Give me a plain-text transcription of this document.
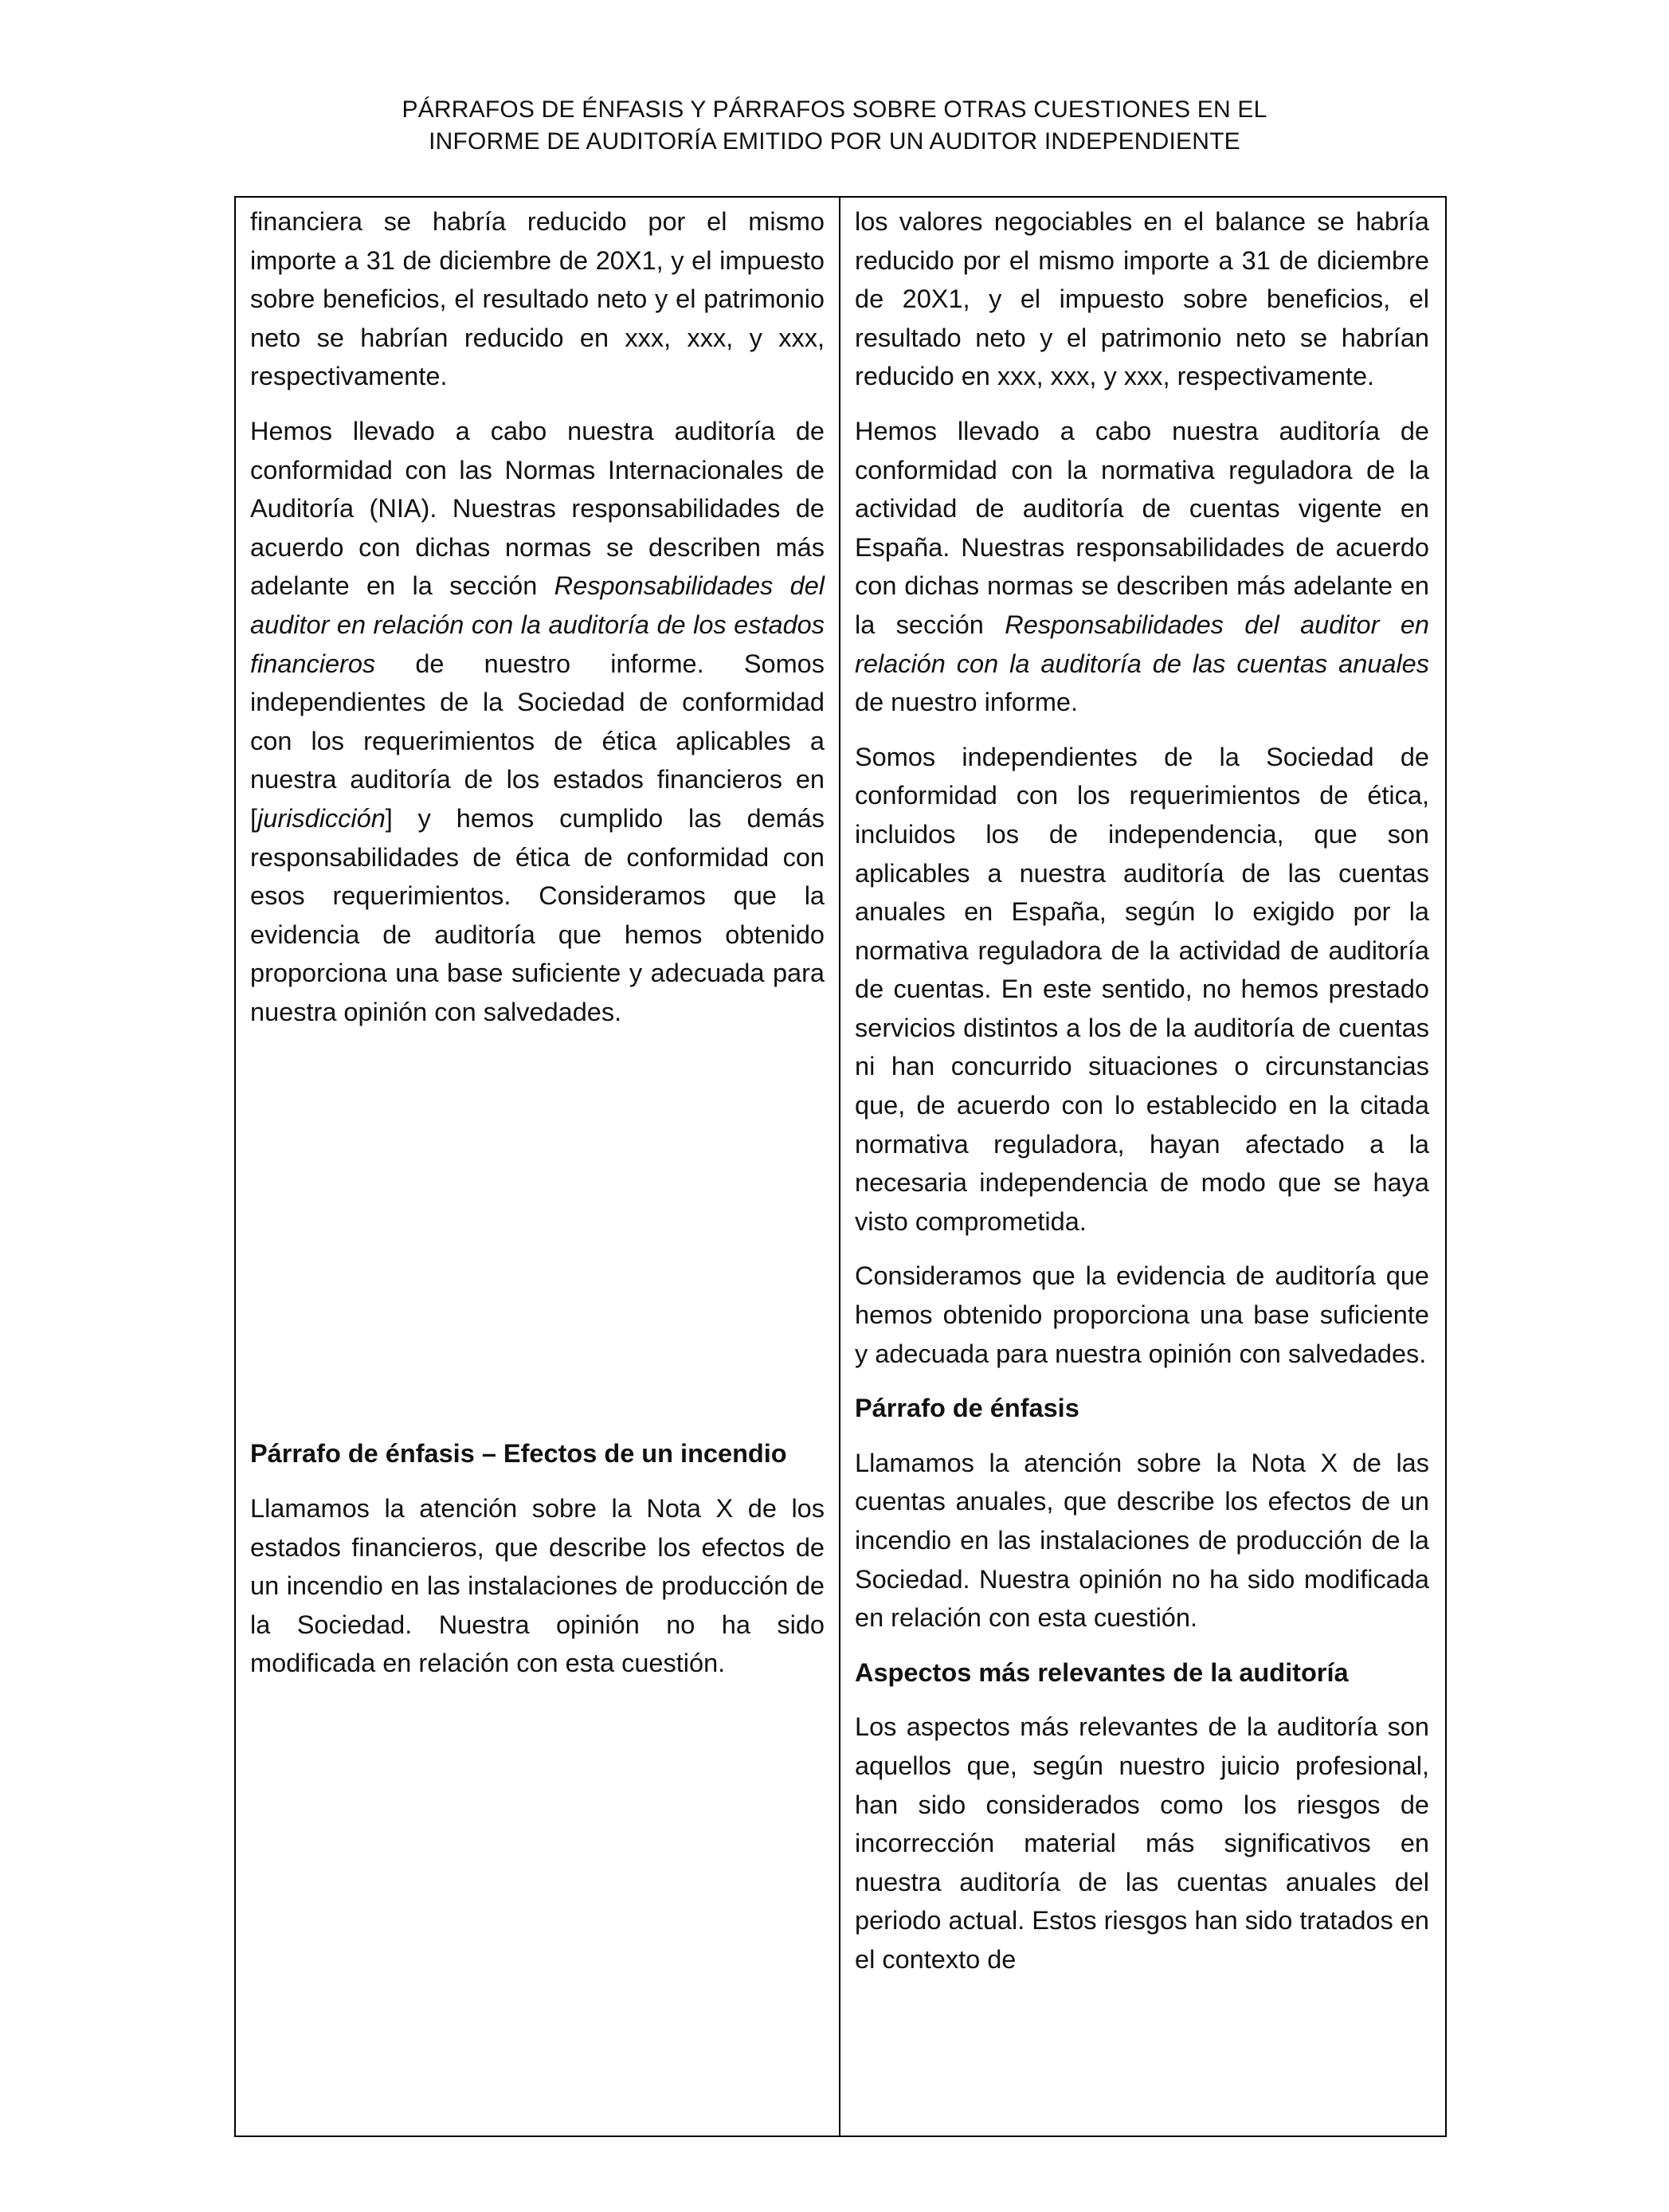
PÁRRAFOS DE ÉNFASIS Y PÁRRAFOS SOBRE OTRAS CUESTIONES EN EL
INFORME DE AUDITORÍA EMITIDO POR UN AUDITOR INDEPENDIENTE

financiera se habría reducido por el mismo importe a 31 de diciembre de 20X1, y el impuesto sobre beneficios, el resultado neto y el patrimonio neto se habrían reducido en xxx, xxx, y xxx, respectivamente.

Hemos llevado a cabo nuestra auditoría de conformidad con las Normas Internacionales de Auditoría (NIA). Nuestras responsabilidades de acuerdo con dichas normas se describen más adelante en la sección Responsabilidades del auditor en relación con la auditoría de los estados financieros de nuestro informe. Somos independientes de la Sociedad de conformidad con los requerimientos de ética aplicables a nuestra auditoría de los estados financieros en [jurisdicción] y hemos cumplido las demás responsabilidades de ética de conformidad con esos requerimientos. Consideramos que la evidencia de auditoría que hemos obtenido proporciona una base suficiente y adecuada para nuestra opinión con salvedades.

Párrafo de énfasis – Efectos de un incendio

Llamamos la atención sobre la Nota X de los estados financieros, que describe los efectos de un incendio en las instalaciones de producción de la Sociedad. Nuestra opinión no ha sido modificada en relación con esta cuestión.

los valores negociables en el balance se habría reducido por el mismo importe a 31 de diciembre de 20X1, y el impuesto sobre beneficios, el resultado neto y el patrimonio neto se habrían reducido en xxx, xxx, y xxx, respectivamente.

Hemos llevado a cabo nuestra auditoría de conformidad con la normativa reguladora de la actividad de auditoría de cuentas vigente en España. Nuestras responsabilidades de acuerdo con dichas normas se describen más adelante en la sección Responsabilidades del auditor en relación con la auditoría de las cuentas anuales de nuestro informe.

Somos independientes de la Sociedad de conformidad con los requerimientos de ética, incluidos los de independencia, que son aplicables a nuestra auditoría de las cuentas anuales en España, según lo exigido por la normativa reguladora de la actividad de auditoría de cuentas. En este sentido, no hemos prestado servicios distintos a los de la auditoría de cuentas ni han concurrido situaciones o circunstancias que, de acuerdo con lo establecido en la citada normativa reguladora, hayan afectado a la necesaria independencia de modo que se haya visto comprometida.

Consideramos que la evidencia de auditoría que hemos obtenido proporciona una base suficiente y adecuada para nuestra opinión con salvedades.

Párrafo de énfasis

Llamamos la atención sobre la Nota X de las cuentas anuales, que describe los efectos de un incendio en las instalaciones de producción de la Sociedad. Nuestra opinión no ha sido modificada en relación con esta cuestión.

Aspectos más relevantes de la auditoría

Los aspectos más relevantes de la auditoría son aquellos que, según nuestro juicio profesional, han sido considerados como los riesgos de incorrección material más significativos en nuestra auditoría de las cuentas anuales del periodo actual. Estos riesgos han sido tratados en el contexto de
